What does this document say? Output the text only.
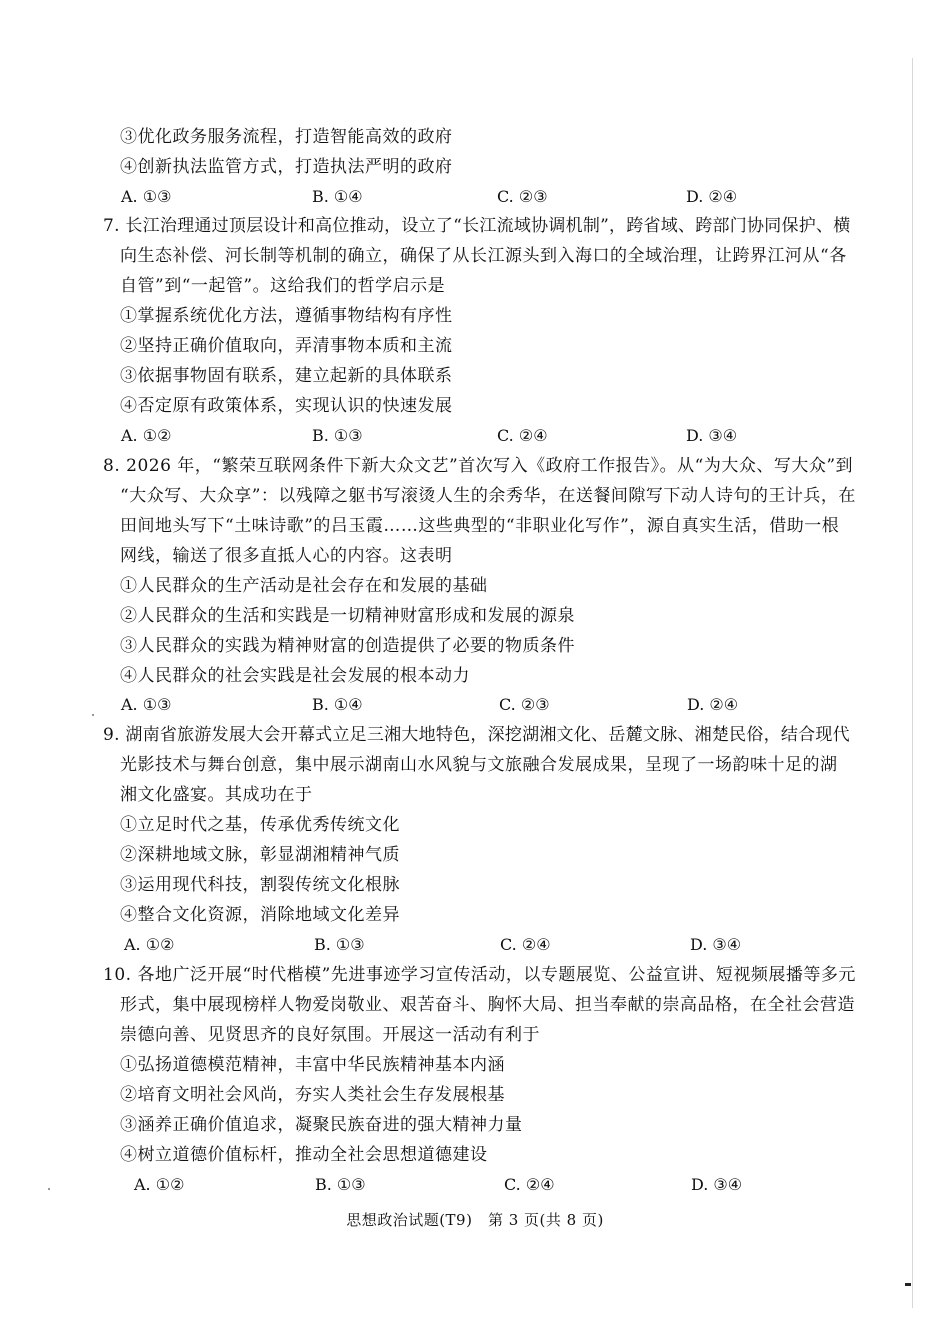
③优化政务服务流程，打造智能高效的政府
④创新执法监管方式，打造执法严明的政府
A. ①③	B. ①④	C. ②③	D. ②④
7. 长江治理通过顶层设计和高位推动，设立了“长江流域协调机制”，跨省域、跨部门协同保护、横
向生态补偿、河长制等机制的确立，确保了从长江源头到入海口的全域治理，让跨界江河从“各
自管”到“一起管”。这给我们的哲学启示是
①掌握系统优化方法，遵循事物结构有序性
②坚持正确价值取向，弄清事物本质和主流
③依据事物固有联系，建立起新的具体联系
④否定原有政策体系，实现认识的快速发展
A. ①②	B. ①③	C. ②④	D. ③④
8. 2026 年，“繁荣互联网条件下新大众文艺”首次写入《政府工作报告》。从“为大众、写大众”到
“大众写、大众享”：以残障之躯书写滚烫人生的余秀华，在送餐间隙写下动人诗句的王计兵，在
田间地头写下“土味诗歌”的吕玉霞……这些典型的“非职业化写作”，源自真实生活，借助一根
网线，输送了很多直抵人心的内容。这表明
①人民群众的生产活动是社会存在和发展的基础
②人民群众的生活和实践是一切精神财富形成和发展的源泉
③人民群众的实践为精神财富的创造提供了必要的物质条件
④人民群众的社会实践是社会发展的根本动力
A. ①③	B. ①④	C. ②③	D. ②④
9. 湖南省旅游发展大会开幕式立足三湘大地特色，深挖湖湘文化、岳麓文脉、湘楚民俗，结合现代
光影技术与舞台创意，集中展示湖南山水风貌与文旅融合发展成果，呈现了一场韵味十足的湖
湘文化盛宴。其成功在于
①立足时代之基，传承优秀传统文化
②深耕地域文脉，彰显湖湘精神气质
③运用现代科技，割裂传统文化根脉
④整合文化资源，消除地域文化差异
A. ①②	B. ①③	C. ②④	D. ③④
10. 各地广泛开展“时代楷模”先进事迹学习宣传活动，以专题展览、公益宣讲、短视频展播等多元
形式，集中展现榜样人物爱岗敬业、艰苦奋斗、胸怀大局、担当奉献的崇高品格，在全社会营造
崇德向善、见贤思齐的良好氛围。开展这一活动有利于
①弘扬道德模范精神，丰富中华民族精神基本内涵
②培育文明社会风尚，夯实人类社会生存发展根基
③涵养正确价值追求，凝聚民族奋进的强大精神力量
④树立道德价值标杆，推动全社会思想道德建设
A. ①②	B. ①③	C. ②④	D. ③④
思想政治试题(T9)　第 3 页(共 8 页)
